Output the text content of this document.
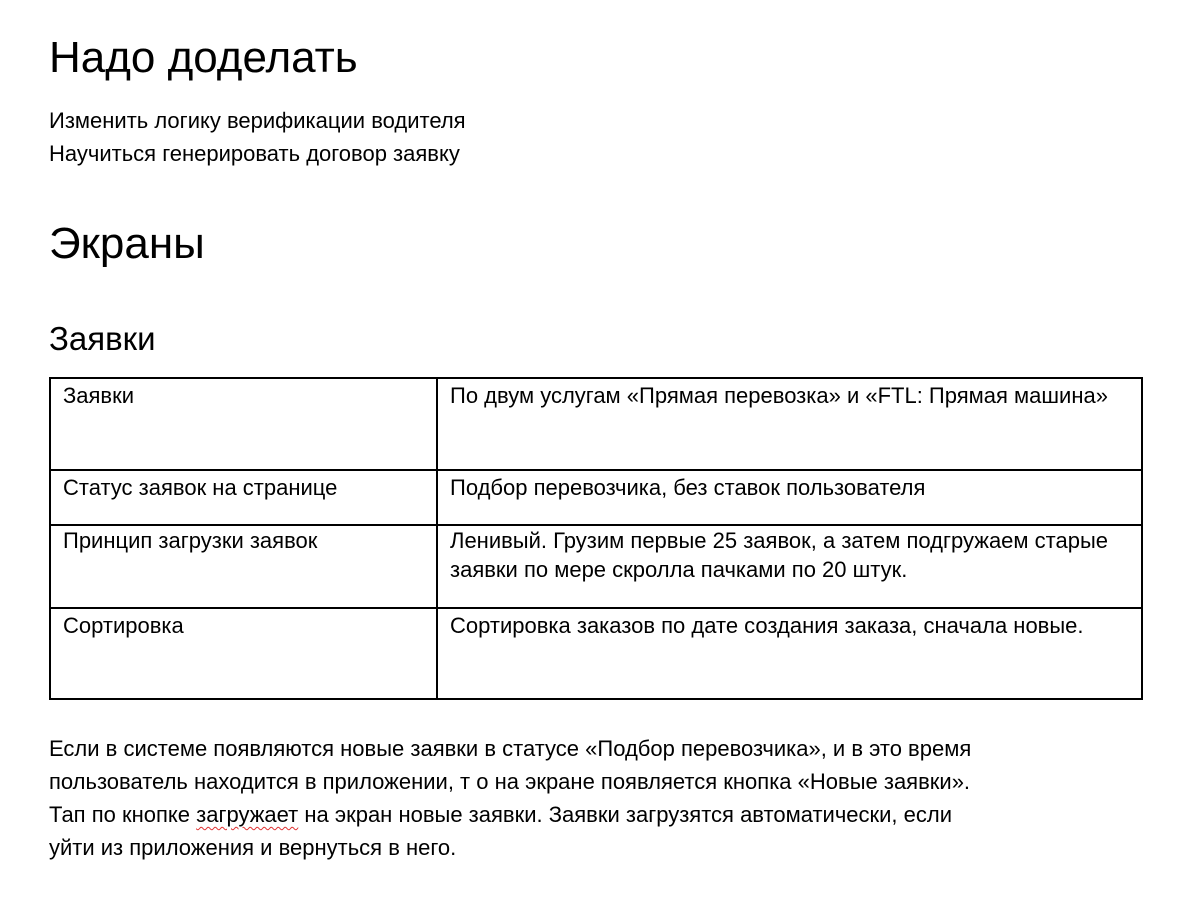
Надо доделать
Изменить логику верификации водителя
Научиться генерировать договор заявку
Экраны
Заявки
Заявки	По двум услугам «Прямая перевозка» и «FTL: Прямая машина»
Статус заявок на странице	Подбор перевозчика, без ставок пользователя
Принцип загрузки заявок	Ленивый. Грузим первые 25 заявок, а затем подгружаем старые заявки по мере скролла пачками по 20 штук.
Сортировка	Сортировка заказов по дате создания заказа, сначала новые.

Если в системе появляются новые заявки в статусе «Подбор перевозчика», и в это время
пользователь находится в приложении, т о на экране появляется кнопка «Новые заявки».
Тап по кнопке загружает на экран новые заявки. Заявки загрузятся автоматически, если
уйти из приложения и вернуться в него.
